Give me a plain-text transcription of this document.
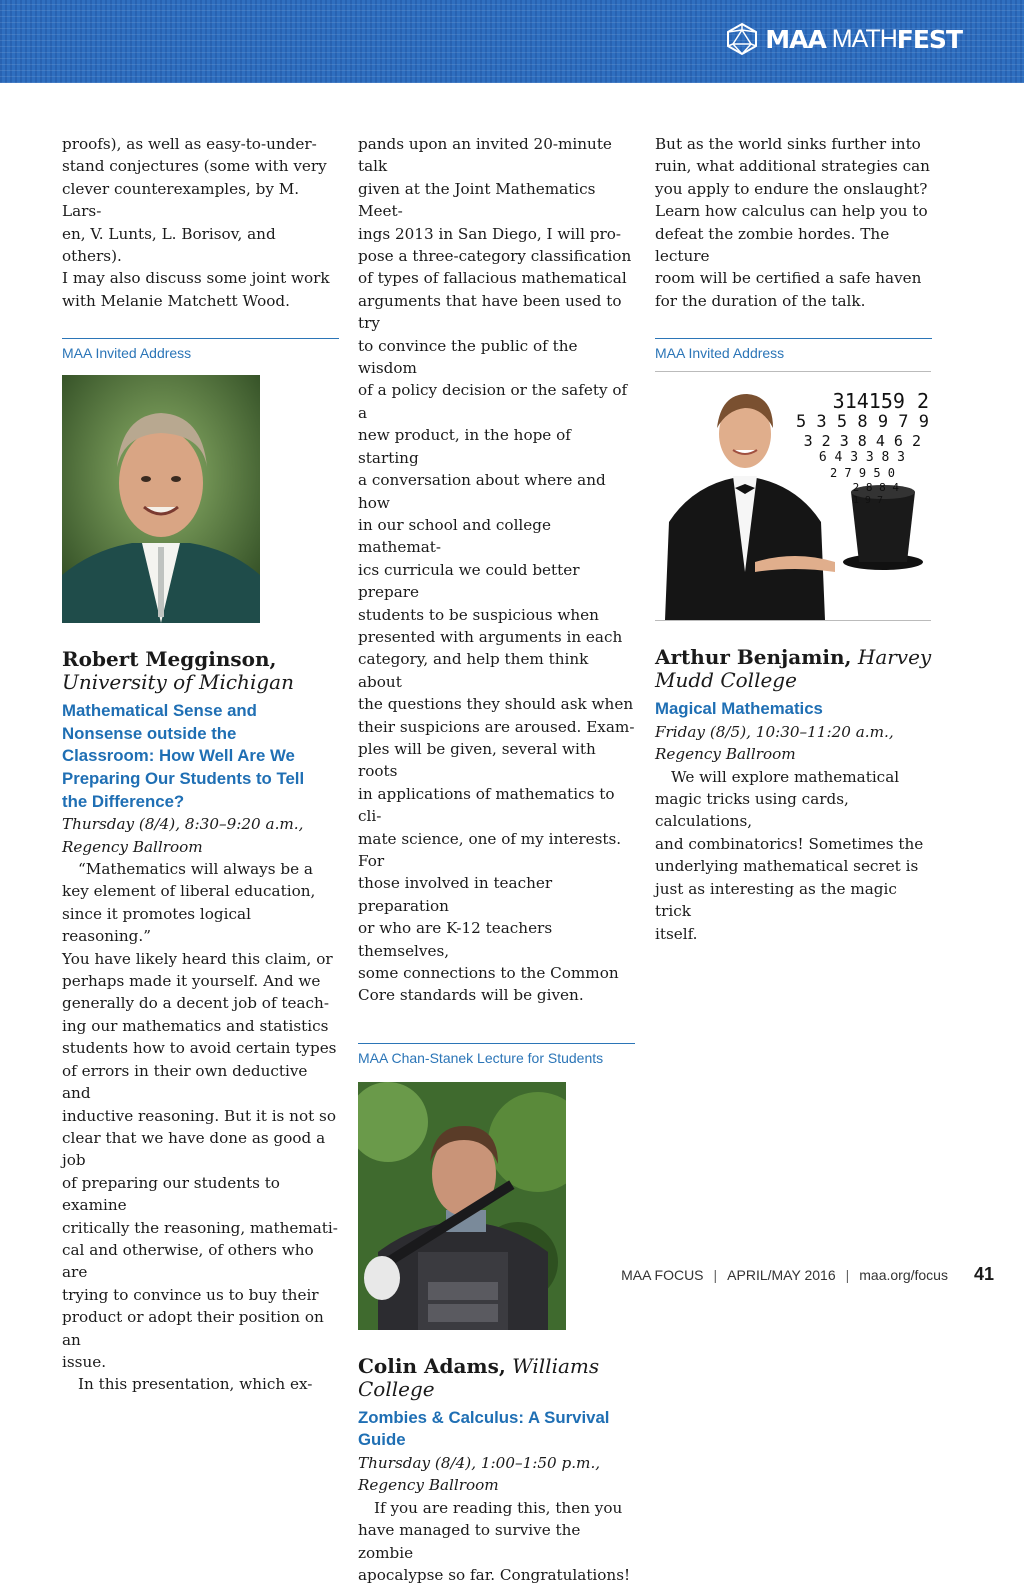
MAA MATH FEST

proofs), as well as easy-to-under-

stand conjectures (some with very

clever counterexamples, by M. Lars-

en, V. Lunts, L. Borisov, and others).

I may also discuss some joint work

with Melanie Matchett Wood.

MAA Invited Address
Robert Megginson,
University of Michigan
Mathematical Sense and
Nonsense outside the
Classroom: How Well Are We
Preparing Our Students to Tell
the Difference?
Thursday (8/4), 8:30–9:20 a.m.,
Regency Ballroom

“Mathematics will always be a

key element of liberal education,

since it promotes logical reasoning.”

You have likely heard this claim, or

perhaps made it yourself. And we

generally do a decent job of teach-

ing our mathematics and statistics

students how to avoid certain types

of errors in their own deductive and

inductive reasoning. But it is not so

clear that we have done as good a job

of preparing our students to examine

critically the reasoning, mathemati-

cal and otherwise, of others who are

trying to convince us to buy their

product or adopt their position on an

issue.

In this presentation, which ex-

pands upon an invited 20-minute talk

given at the Joint Mathematics Meet-

ings 2013 in San Diego, I will pro-

pose a three-category classification

of types of fallacious mathematical

arguments that have been used to try

to convince the public of the wisdom

of a policy decision or the safety of a

new product, in the hope of starting

a conversation about where and how

in our school and college mathemat-

ics curricula we could better prepare

students to be suspicious when

presented with arguments in each

category, and help them think about

the questions they should ask when

their suspicions are aroused. Exam-

ples will be given, several with roots

in applications of mathematics to cli-

mate science, one of my interests. For

those involved in teacher preparation

or who are K-12 teachers themselves,

some connections to the Common

Core standards will be given.

MAA Chan-Stanek Lecture for Students
Colin Adams, Williams
College
Zombies & Calculus: A Survival
Guide
Thursday (8/4), 1:00–1:50 p.m.,
Regency Ballroom

If you are reading this, then you

have managed to survive the zombie

apocalypse so far. Congratulations!

But as the world sinks further into

ruin, what additional strategies can

you apply to endure the onslaught?

Learn how calculus can help you to

defeat the zombie hordes. The lecture

room will be certified a safe haven

for the duration of the talk.

MAA Invited Address
314159 2
5 3 5 8 9 7 9
3 2 3 8 4 6 2
6 4 3 3 8 3
2 7 9 5 0
2 8 8 4
1 9 7
Arthur Benjamin, Harvey
Mudd College
Magical Mathematics
Friday (8/5), 10:30–11:20 a.m.,
Regency Ballroom

We will explore mathematical

magic tricks using cards, calculations,

and combinatorics! Sometimes the

underlying mathematical secret is

just as interesting as the magic trick

itself.

MAA FOCUS | APRIL/MAY 2016 | maa.org/focus 41
